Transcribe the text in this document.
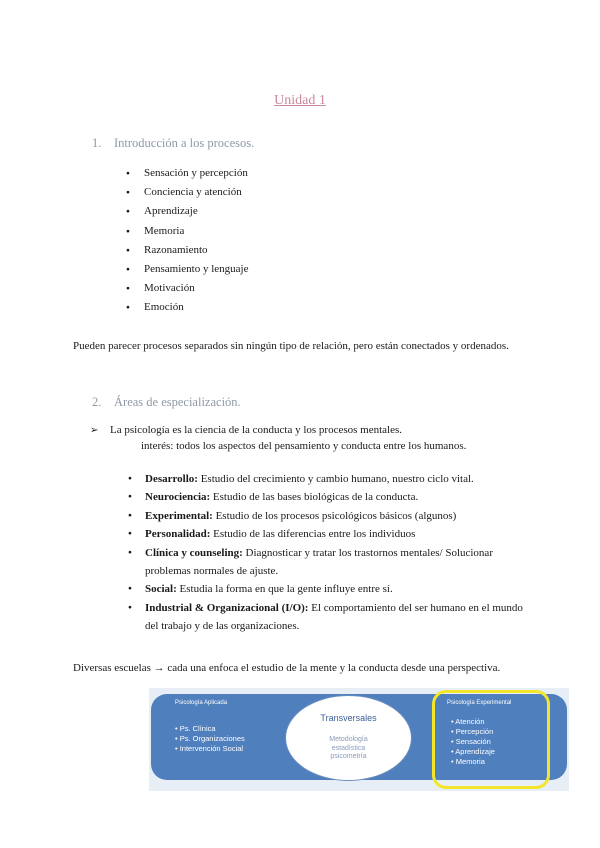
Unidad 1
1. Introducción a los procesos.
● Sensación y percepción
● Conciencia y atención
● Aprendizaje
● Memoria
● Razonamiento
● Pensamiento y lenguaje
● Motivación
● Emoción
Pueden parecer procesos separados sin ningún tipo de relación, pero están conectados y ordenados.
2. Áreas de especialización.
➢ La psicología es la ciencia de la conducta y los procesos mentales.
interés: todos los aspectos del pensamiento y conducta entre los humanos.
● Desarrollo: Estudio del crecimiento y cambio humano, nuestro ciclo vital.
● Neurociencia: Estudio de las bases biológicas de la conducta.
● Experimental: Estudio de los procesos psicológicos básicos (algunos)
● Personalidad: Estudio de las diferencias entre los individuos
● Clínica y counseling: Diagnosticar y tratar los trastornos mentales/ Solucionar problemas normales de ajuste.
● Social: Estudia la forma en que la gente influye entre sí.
● Industrial & Organizacional (I/O): El comportamiento del ser humano en el mundo del trabajo y de las organizaciones.
Diversas escuelas → cada una enfoca el estudio de la mente y la conducta desde una perspectiva.
Psicología Aplicada
• Ps. Clínica
• Ps. Organizaciones
• Intervención Social
Transversales
Metodología
estadística
psicometría
Psicología Experimental
• Atención
• Percepción
• Sensación
• Aprendizaje
• Memoria
